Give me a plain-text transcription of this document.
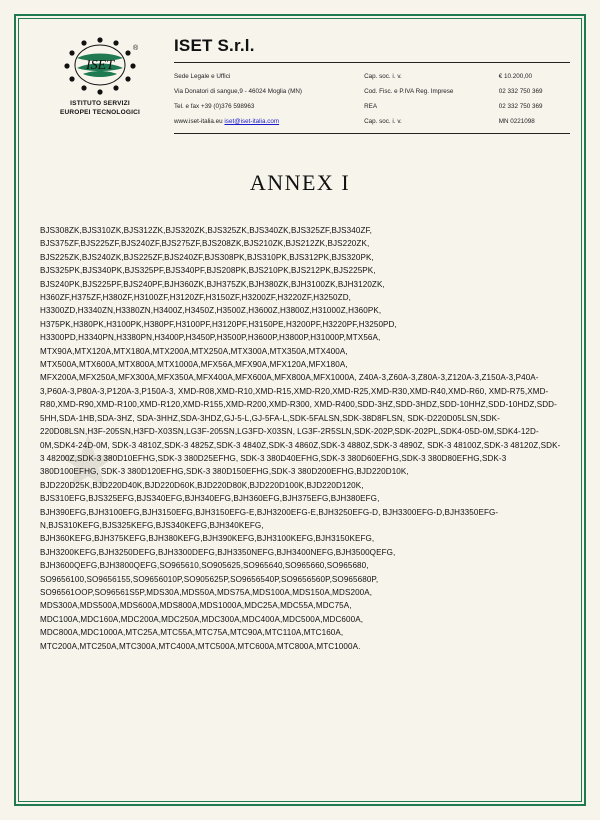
ISET
®
ISTITUTO SERVIZI
EUROPEI TECNOLOGICI
ISET S.r.l.
Sede Legale e Uffici	Cap. soc. i. v.	€ 10.200,00
Via Donatori di sangue,9 - 46024 Moglia (MN)	Cod. Fisc. e P.IVA Reg. Imprese	02 332 750 369
Tel. e fax +39 (0)376 598963	REA	02 332 750 369
www.iset-italia.eu iset@iset-italia.com	Cap. soc. i. v.	MN 0221098
ANNEX I
BJS308ZK,BJS310ZK,BJS312ZK,BJS320ZK,BJS325ZK,BJS340ZK,BJS325ZF,BJS340ZF, BJS375ZF,BJS225ZF,BJS240ZF,BJS275ZF,BJS208ZK,BJS210ZK,BJS212ZK,BJS220ZK, BJS225ZK,BJS240ZK,BJS225ZF,BJS240ZF,BJS308PK,BJS310PK,BJS312PK,BJS320PK, BJS325PK,BJS340PK,BJS325PF,BJS340PF,BJS208PK,BJS210PK,BJS212PK,BJS225PK, BJS240PK,BJS225PF,BJS240PF,BJH360ZK,BJH375ZK,BJH380ZK,BJH3100ZK,BJH3120ZK, H360ZF,H375ZF,H380ZF,H3100ZF,H3120ZF,H3150ZF,H3200ZF,H3220ZF,H3250ZD, H3300ZD,H3340ZN,H3380ZN,H3400Z,H3450Z,H3500Z,H3600Z,H3800Z,H31000Z,H360PK, H375PK,H380PK,H3100PK,H380PF,H3100PF,H3120PF,H3150PE,H3200PF,H3220PF,H3250PD, H3300PD,H3340PN,H3380PN,H3400P,H3450P,H3500P,H3600P,H3800P,H31000P,MTX56A, MTX90A,MTX120A,MTX180A,MTX200A,MTX250A,MTX300A,MTX350A,MTX400A, MTX500A,MTX600A,MTX800A,MTX1000A,MFX56A,MFX90A,MFX120A,MFX180A, MFX200A,MFX250A,MFX300A,MFX350A,MFX400A,MFX600A,MFX800A,MFX1000A, Z40A-3,Z60A-3,Z80A-3,Z120A-3,Z150A-3,P40A-3,P60A-3,P80A-3,P120A-3,P150A-3, XMD-R08,XMD-R10,XMD-R15,XMD-R20,XMD-R25,XMD-R30,XMD-R40,XMD-R60, XMD-R75,XMD-R80,XMD-R90,XMD-R100,XMD-R120,XMD-R155,XMD-R200,XMD-R300, XMD-R400,SDD-3HZ,SDD-3HDZ,SDD-10HHZ,SDD-10HDZ,SDD-5HH,SDA-1HB,SDA-3HZ, SDA-3HHZ,SDA-3HDZ,GJ-5-L,GJ-5FA-L,SDK-5FALSN,SDK-38D8FLSN, SDK-D220D05LSN,SDK-220D08LSN,H3F-205SN,H3FD-X03SN,LG3F-205SN,LG3FD-X03SN, LG3F-2R5SLN,SDK-202P,SDK-202PL,SDK4-05D-0M,SDK4-12D-0M,SDK4-24D-0M, SDK-3 4810Z,SDK-3 4825Z,SDK-3 4840Z,SDK-3 4860Z,SDK-3 4880Z,SDK-3 4890Z, SDK-3 48100Z,SDK-3 48120Z,SDK-3 48200Z,SDK-3 380D10EFHG,SDK-3 380D25EFHG, SDK-3 380D40EFHG,SDK-3 380D60EFHG,SDK-3 380D80EFHG,SDK-3 380D100EFHG, SDK-3 380D120EFHG,SDK-3 380D150EFHG,SDK-3 380D200EFHG,BJD220D10K, BJD220D25K,BJD220D40K,BJD220D60K,BJD220D80K,BJD220D100K,BJD220D120K, BJS310EFG,BJS325EFG,BJS340EFG,BJH340EFG,BJH360EFG,BJH375EFG,BJH380EFG, BJH390EFG,BJH3100EFG,BJH3150EFG,BJH3150EFG-E,BJH3200EFG-E,BJH3250EFG-D, BJH3300EFG-D,BJH3350EFG-N,BJS310KEFG,BJS325KEFG,BJS340KEFG,BJH340KEFG, BJH360KEFG,BJH375KEFG,BJH380KEFG,BJH390KEFG,BJH3100KEFG,BJH3150KEFG, BJH3200KEFG,BJH3250DEFG,BJH3300DEFG,BJH3350NEFG,BJH3400NEFG,BJH3500QEFG, BJH3600QEFG,BJH3800QEFG,SO965610,SO905625,SO965640,SO965660,SO965680, SO9656100,SO9656155,SO9656010P,SO905625P,SO9656540P,SO9656560P,SO965680P, SO96561OOP,SO96561S5P,MDS30A,MDS50A,MDS75A,MDS100A,MDS150A,MDS200A, MDS300A,MDS500A,MDS600A,MDS800A,MDS1000A,MDC25A,MDC55A,MDC75A, MDC100A,MDC160A,MDC200A,MDC250A,MDC300A,MDC400A,MDC500A,MDC600A, MDC800A,MDC1000A,MTC25A,MTC55A,MTC75A,MTC90A,MTC110A,MTC160A, MTC200A,MTC250A,MTC300A,MTC400A,MTC500A,MTC600A,MTC800A,MTC1000A.
